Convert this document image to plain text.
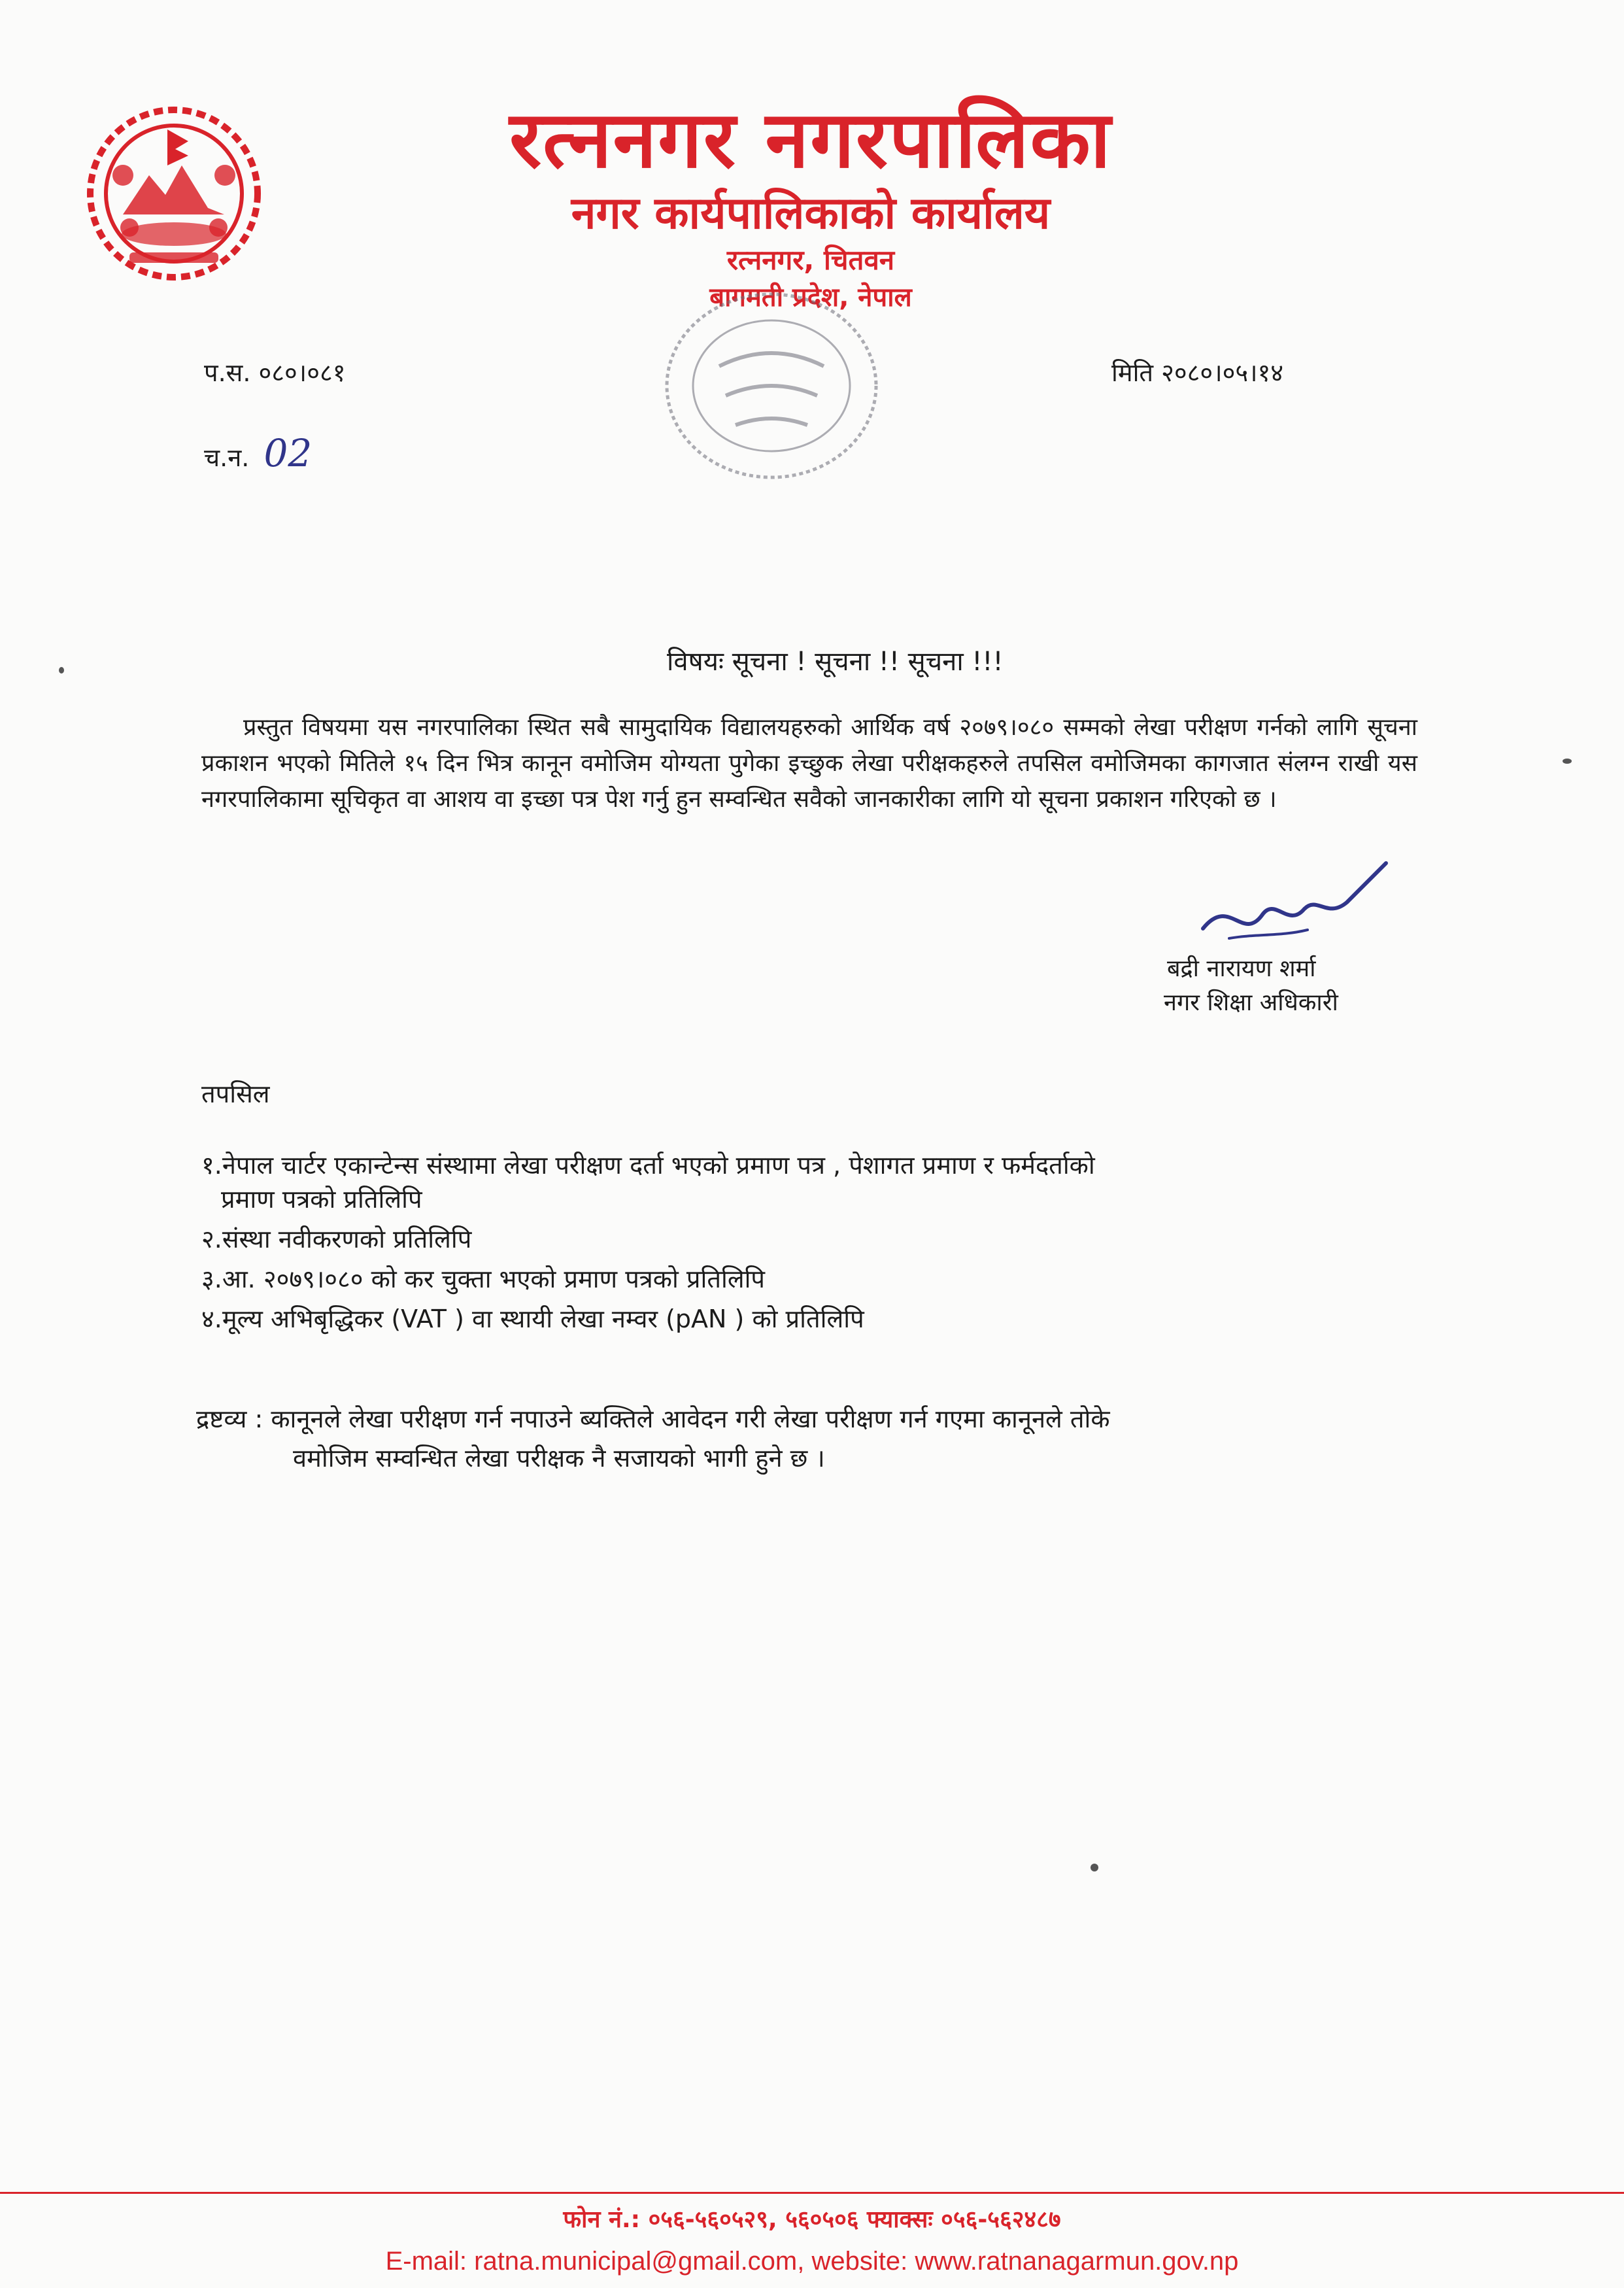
रत्ननगर नगरपालिका
नगर कार्यपालिकाको कार्यालय
रत्ननगर, चितवन
बागमती प्रदेश, नेपाल
प.स. ०८०।०८१
च.न. 02
मिति २०८०।०५।१४
विषयः सूचना ! सूचना !! सूचना !!!
प्रस्तुत विषयमा यस नगरपालिका स्थित सबै सामुदायिक विद्यालयहरुको आर्थिक वर्ष २०७९।०८० सम्मको लेखा परीक्षण गर्नको लागि सूचना प्रकाशन भएको मितिले १५ दिन भित्र कानून वमोजिम योग्यता पुगेका इच्छुक लेखा परीक्षकहरुले तपसिल वमोजिमका कागजात संलग्न राखी यस नगरपालिकामा सूचिकृत वा आशय वा इच्छा पत्र पेश गर्नु हुन सम्वन्धित सवैको जानकारीका लागि यो सूचना प्रकाशन गरिएको छ ।
बद्री नारायण शर्मा
नगर शिक्षा अधिकारी
तपसिल
१.नेपाल चार्टर एकान्टेन्स संस्थामा लेखा परीक्षण दर्ता भएको प्रमाण पत्र , पेशागत प्रमाण र फर्मदर्ताको
प्रमाण पत्रको प्रतिलिपि
२.संस्था नवीकरणको प्रतिलिपि
३.आ. २०७९।०८० को कर चुक्ता भएको प्रमाण पत्रको प्रतिलिपि
४.मूल्य अभिबृद्धिकर (VAT ) वा स्थायी लेखा नम्वर (pAN ) को प्रतिलिपि
द्रष्टव्य : कानूनले लेखा परीक्षण गर्न नपाउने ब्यक्तिले आवेदन गरी लेखा परीक्षण गर्न गएमा कानूनले तोके
वमोजिम सम्वन्धित लेखा परीक्षक नै सजायको भागी हुने छ ।
फोन नं.: ०५६-५६०५२९, ५६०५०६ फ्याक्सः ०५६-५६२४८७
E-mail: ratna.municipal@gmail.com, website: www.ratnanagarmun.gov.np
